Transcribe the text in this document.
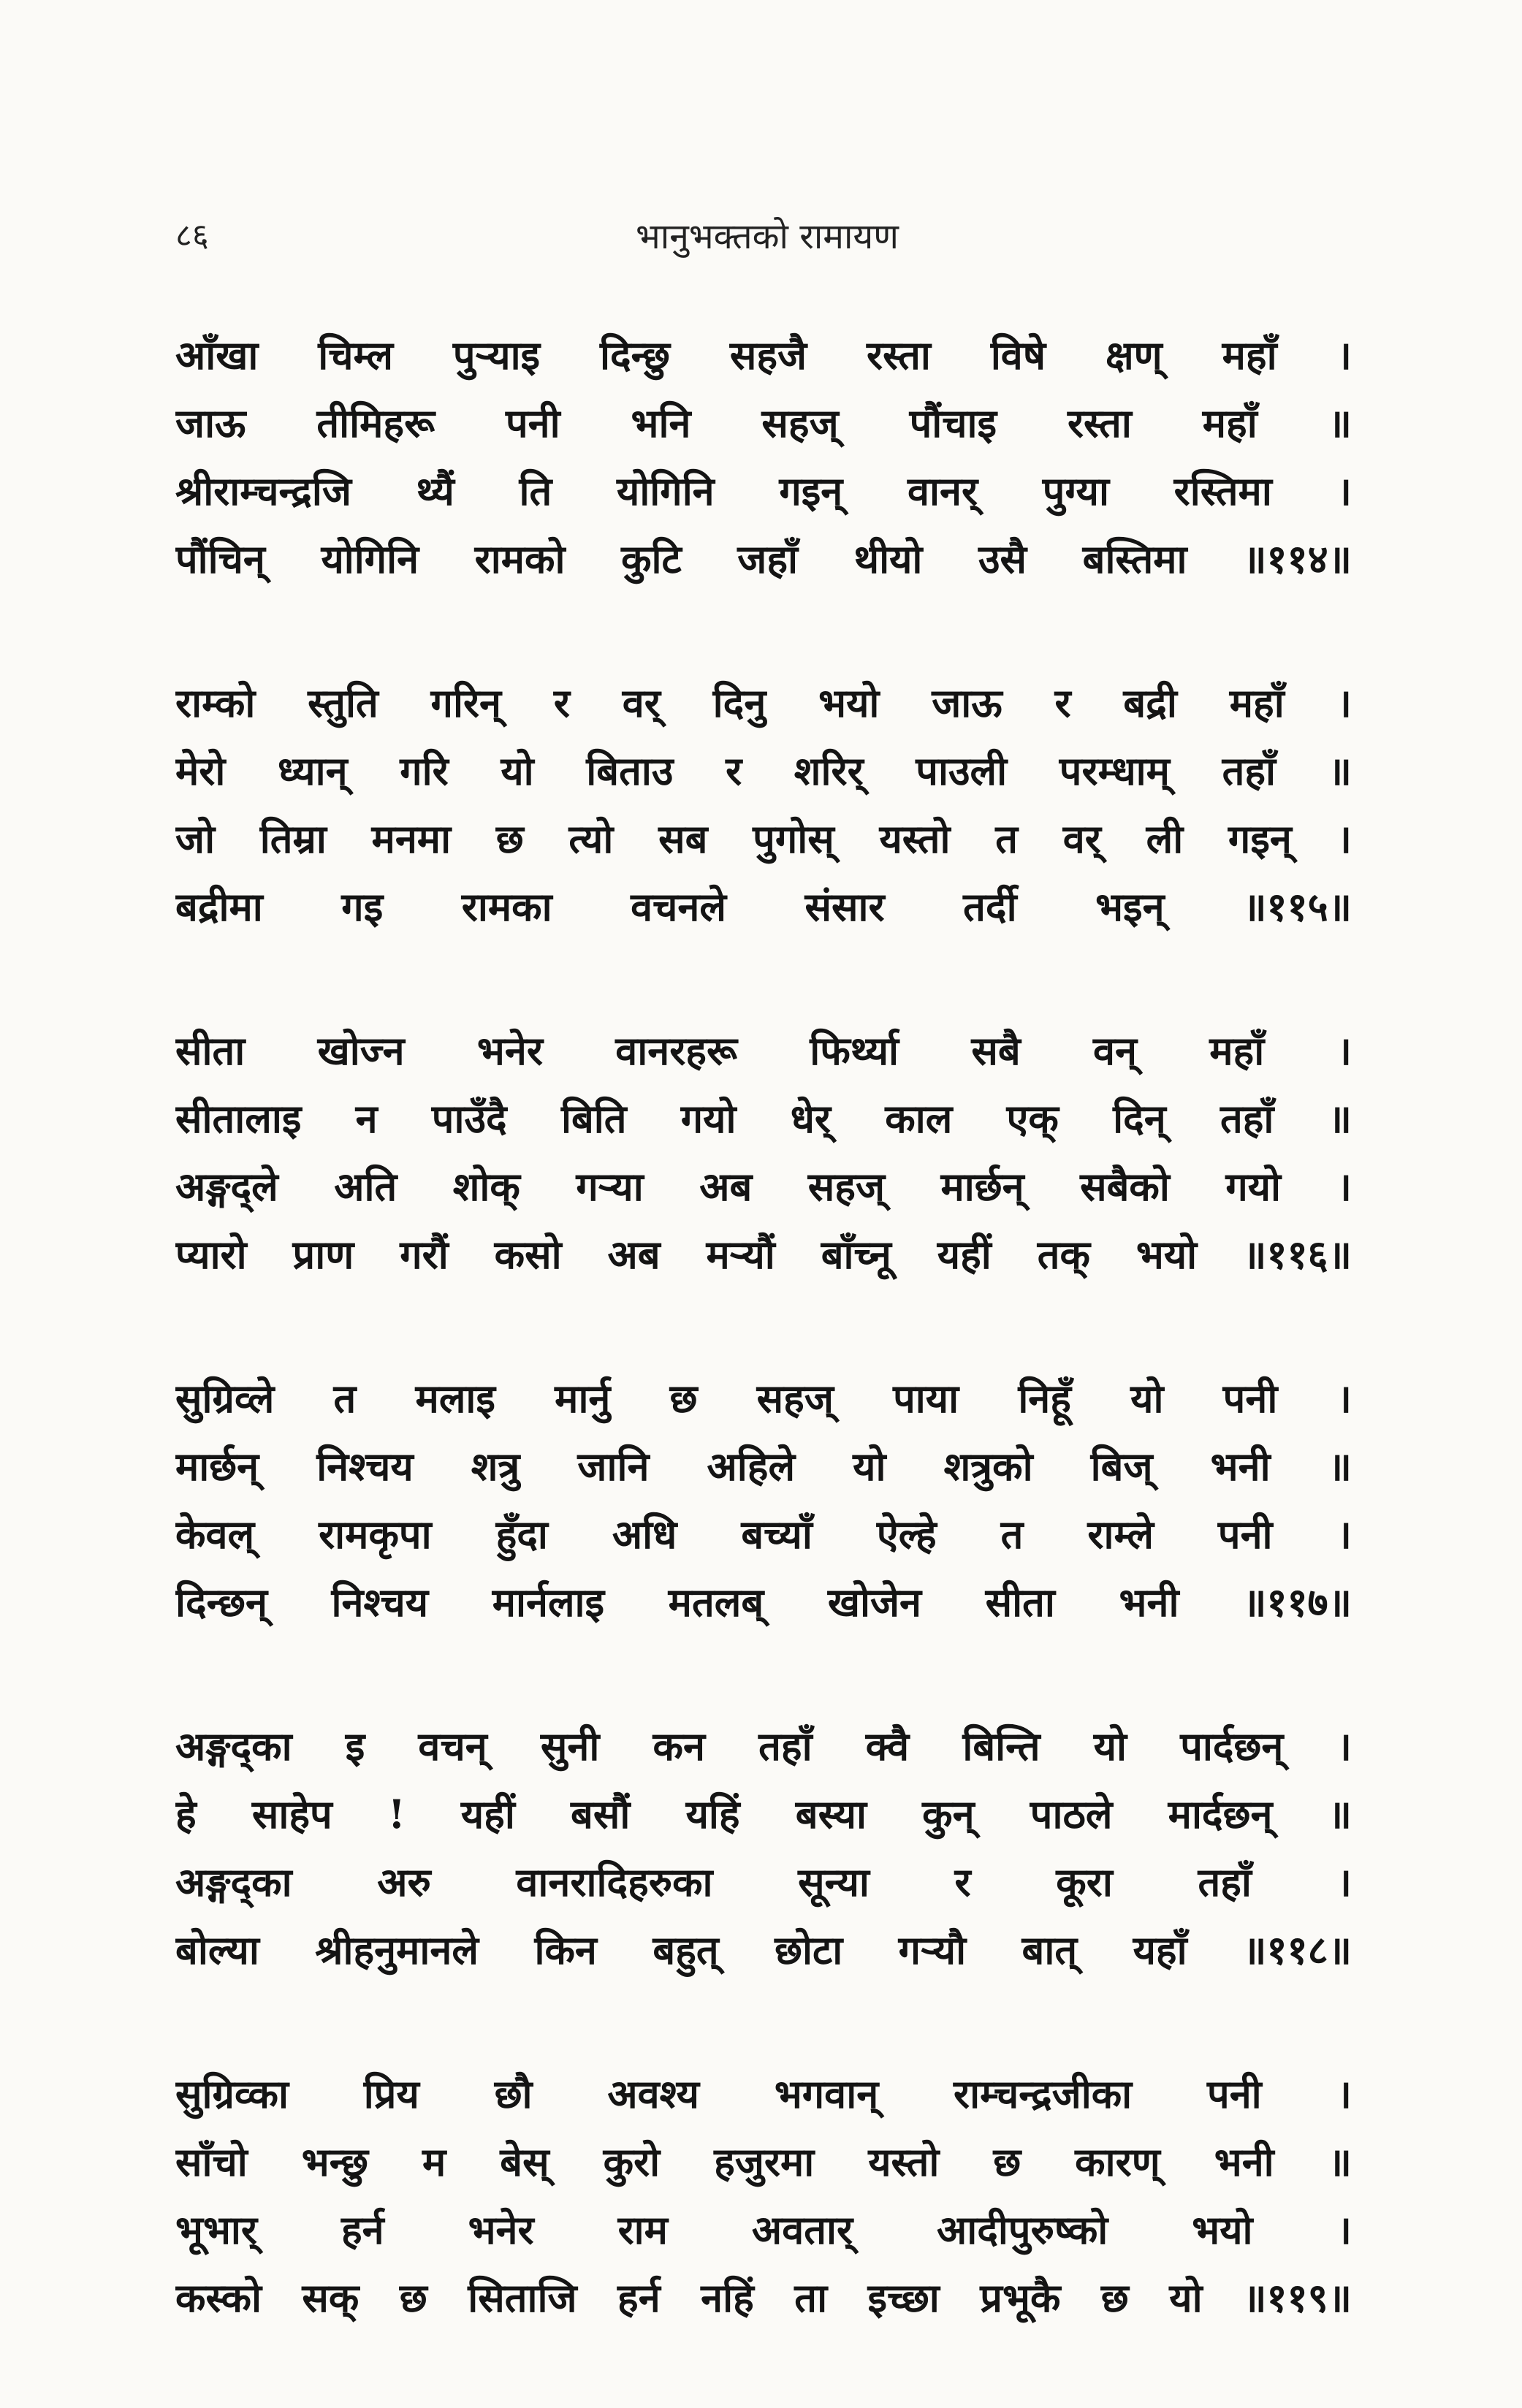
८६	भानुभक्तको रामायण
आँखा चिम्ल पुऱ्याइ दिन्छु सहजै रस्ता विषे क्षण् महाँ ।
जाऊ तीमिहरू पनी भनि सहज् पौंचाइ रस्ता महाँ ॥
श्रीराम्चन्द्रजि थ्यैं ति योगिनि गइन् वानर् पुग्या रस्तिमा ।
पौंचिन् योगिनि रामको कुटि जहाँ थीयो उसै बस्तिमा ॥११४॥
राम्को स्तुति गरिन् र वर् दिनु भयो जाऊ र बद्री महाँ ।
मेरो ध्यान् गरि यो बिताउ र शरिर् पाउली परम्धाम् तहाँ ॥
जो तिम्रा मनमा छ त्यो सब पुगोस् यस्तो त वर् ली गइन् ।
बद्रीमा गइ रामका वचनले संसार तर्दी भइन् ॥११५॥
सीता खोज्न भनेर वानरहरू फिर्थ्या सबै वन् महाँ ।
सीतालाइ न पाउँदै बिति गयो धेर् काल एक् दिन् तहाँ ॥
अङ्गद्ले अति शोक् गऱ्या अब सहज् मार्छन् सबैको गयो ।
प्यारो प्राण गरौं कसो अब मऱ्यौं बाँच्नू यहीं तक् भयो ॥११६॥
सुग्रिव्ले त मलाइ मार्नु छ सहज् पाया निहूँ यो पनी ।
मार्छन् निश्चय शत्रु जानि अहिले यो शत्रुको बिज् भनी ॥
केवल् रामकृपा हुँदा अधि बच्याँ ऐल्हे त राम्ले पनी ।
दिन्छन् निश्चय मार्नलाइ मतलब् खोजेन सीता भनी ॥११७॥
अङ्गद्का इ वचन् सुनी कन तहाँ क्वै बिन्ति यो पार्दछन् ।
हे साहेप ! यहीं बसौं यहिं बस्या कुन् पाठले मार्दछन् ॥
अङ्गद्का अरु वानरादिहरुका सून्या र कूरा तहाँ ।
बोल्या श्रीहनुमानले किन बहुत् छोटा गऱ्यौ बात् यहाँ ॥११८॥
सुग्रिव्का प्रिय छौ अवश्य भगवान् राम्चन्द्रजीका पनी ।
साँचो भन्छु म बेस् कुरो हजुरमा यस्तो छ कारण् भनी ॥
भूभार् हर्न भनेर राम अवतार् आदीपुरुष्को भयो ।
कस्को सक् छ सिताजि हर्न नहिं ता इच्छा प्रभूकै छ यो ॥११९॥
